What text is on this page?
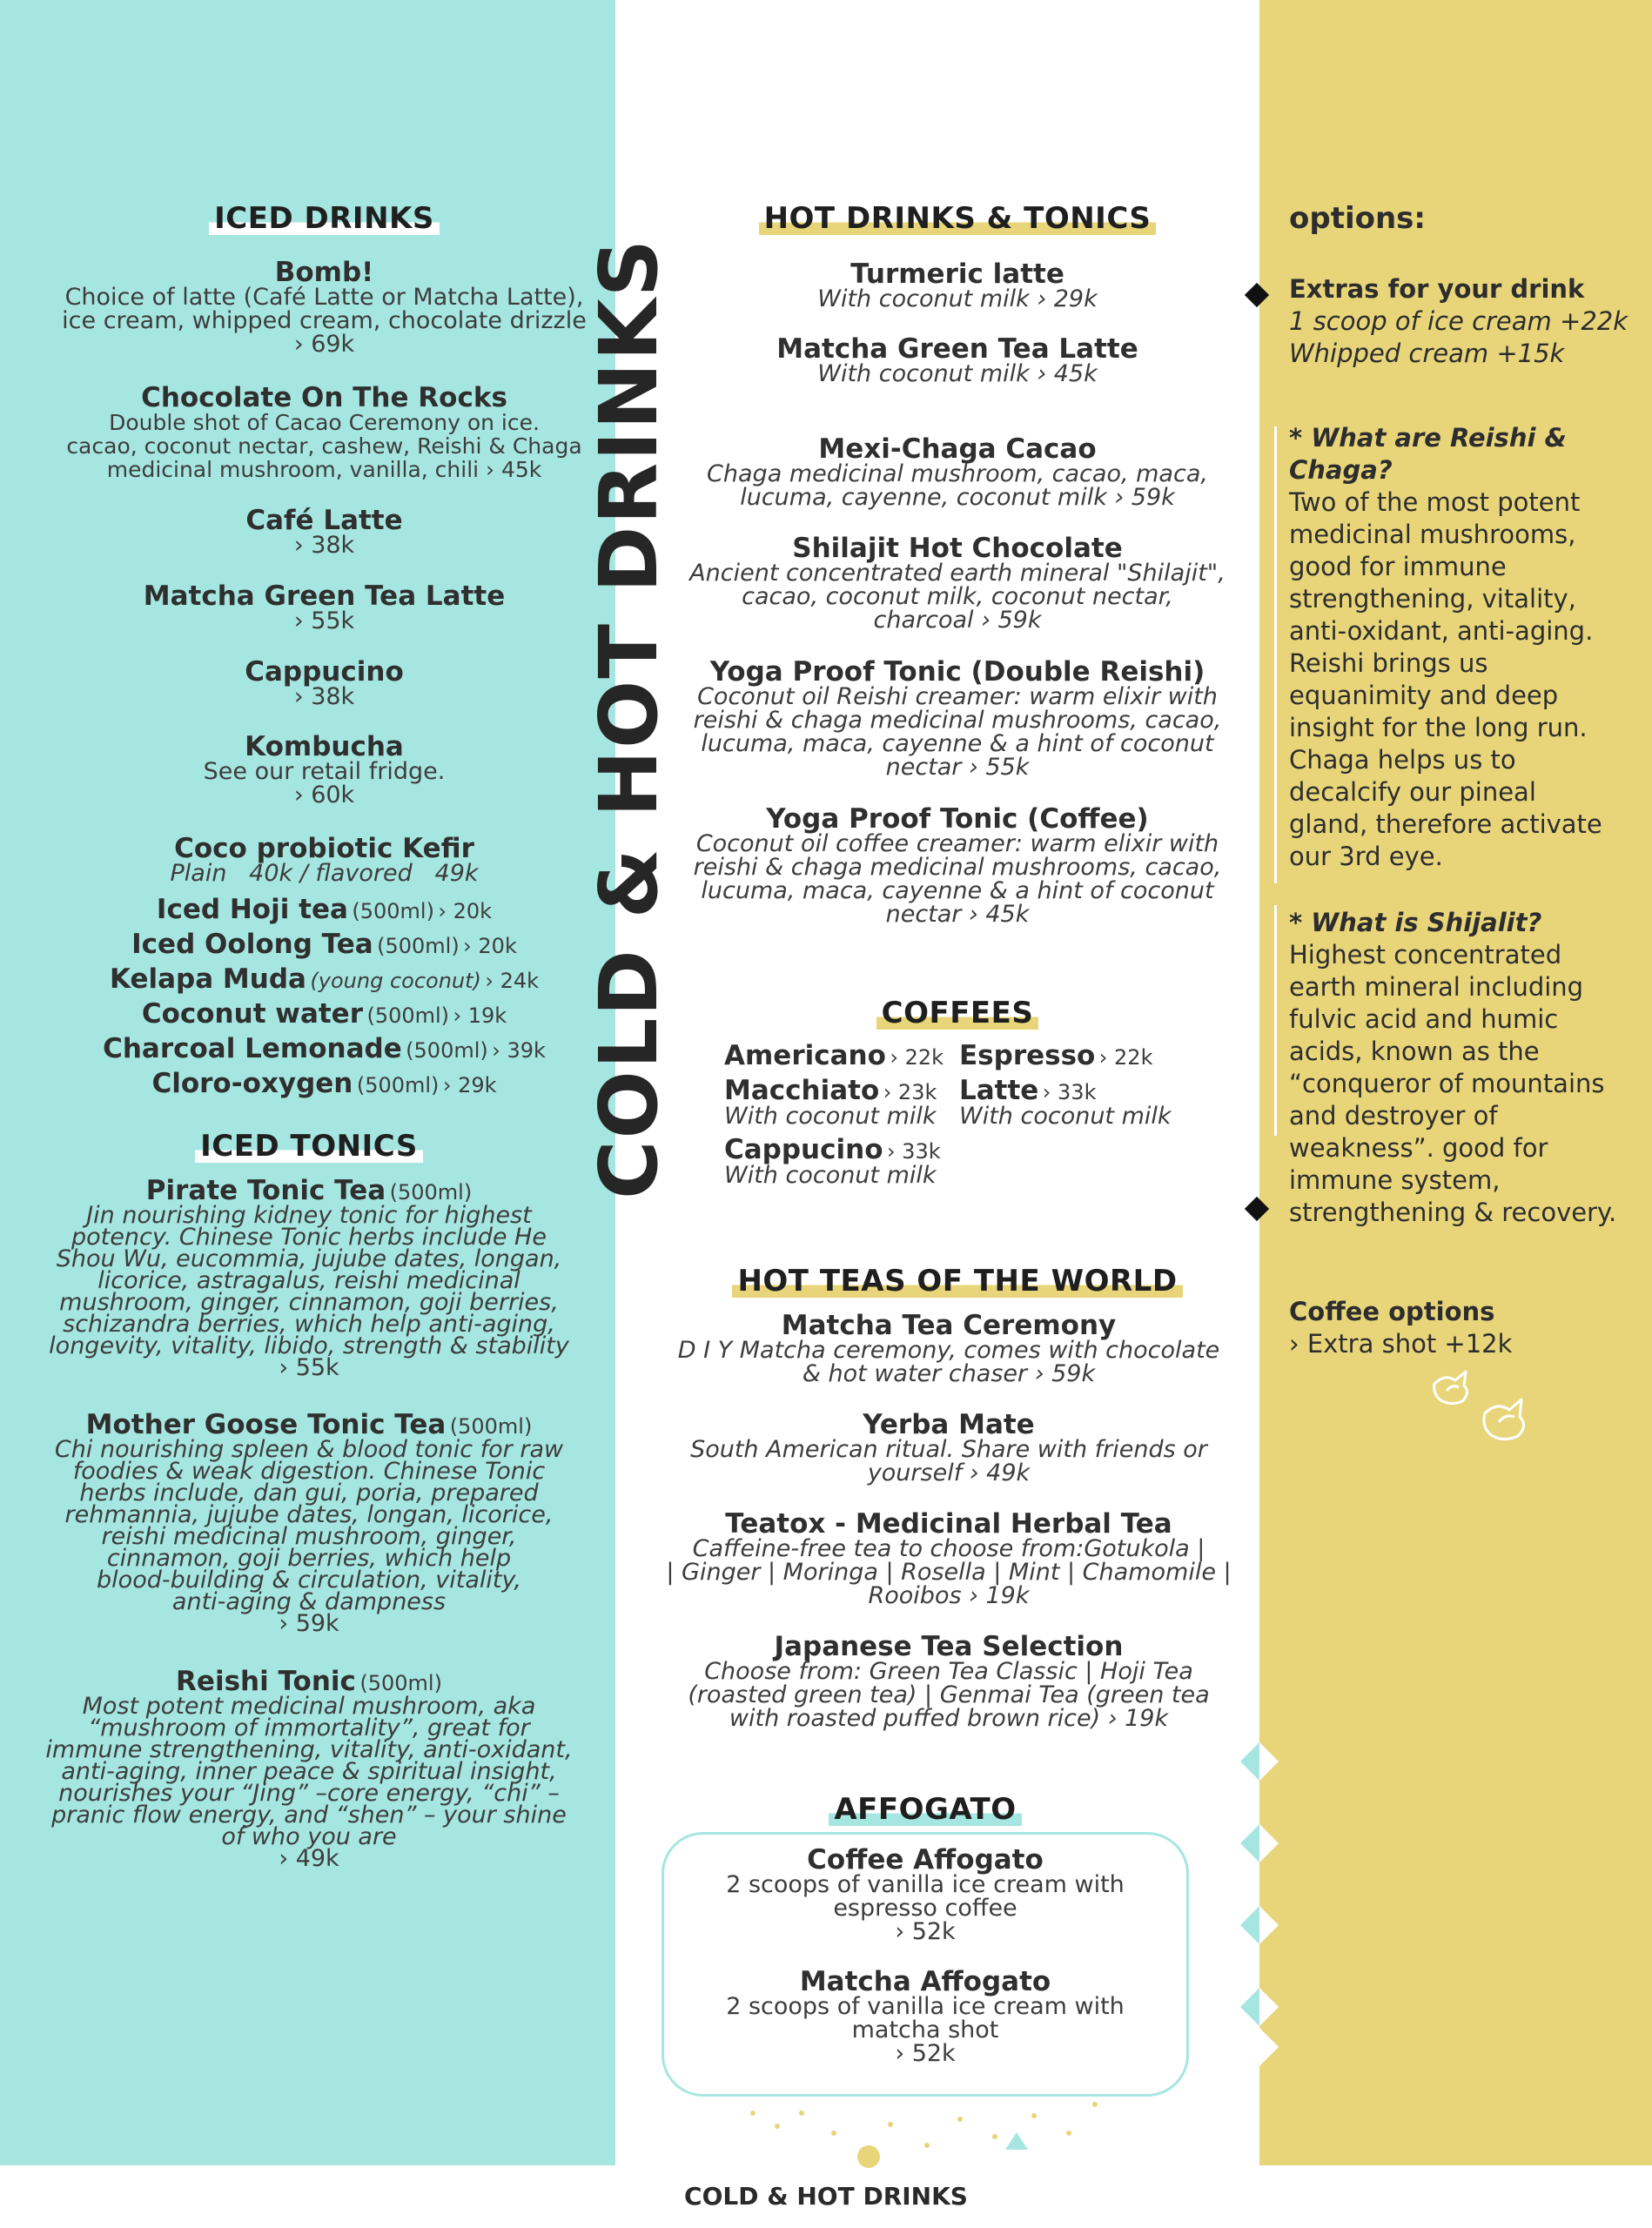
ICED DRINKS
Bomb!
Choice of latte (Café Latte or Matcha Latte),
ice cream, whipped cream, chocolate drizzle
› 69k
Chocolate On The Rocks
Double shot of Cacao Ceremony on ice.
cacao, coconut nectar, cashew, Reishi & Chaga
medicinal mushroom, vanilla, chili › 45k
Café Latte
› 38k
Matcha Green Tea Latte
› 55k
Cappucino
› 38k
Kombucha
See our retail fridge.
› 60k
Coco probiotic Kefir
Plain   40k / flavored   49k
Iced Hoji tea (500ml) › 20k
Iced Oolong Tea (500ml) › 20k
Kelapa Muda (young coconut) › 24k
Coconut water (500ml) › 19k
Charcoal Lemonade (500ml) › 39k
Cloro-oxygen (500ml) › 29k
ICED TONICS
Pirate Tonic Tea (500ml)
Jin nourishing kidney tonic for highest
potency. Chinese Tonic herbs include He
Shou Wu, eucommia, jujube dates, longan,
licorice, astragalus, reishi medicinal
mushroom, ginger, cinnamon, goji berries,
schizandra berries, which help anti-aging,
longevity, vitality, libido, strength & stability
› 55k
Mother Goose Tonic Tea (500ml)
Chi nourishing spleen & blood tonic for raw
foodies & weak digestion. Chinese Tonic
herbs include, dan gui, poria, prepared
rehmannia, jujube dates, longan, licorice,
reishi medicinal mushroom, ginger,
cinnamon, goji berries, which help
blood-building & circulation, vitality,
anti-aging & dampness
› 59k
Reishi Tonic (500ml)
Most potent medicinal mushroom, aka
“mushroom of immortality”, great for
immune strengthening, vitality, anti-oxidant,
anti-aging, inner peace & spiritual insight,
nourishes your “Jing” –core energy, “chi” –
pranic flow energy, and “shen” – your shine
of who you are
› 49k
COLD & HOT DRINKS
HOT DRINKS & TONICS
Turmeric latte
With coconut milk › 29k
Matcha Green Tea Latte
With coconut milk › 45k
Mexi-Chaga Cacao
Chaga medicinal mushroom, cacao, maca,
lucuma, cayenne, coconut milk › 59k
Shilajit Hot Chocolate
Ancient concentrated earth mineral "Shilajit",
cacao, coconut milk, coconut nectar,
charcoal › 59k
Yoga Proof Tonic (Double Reishi)
Coconut oil Reishi creamer: warm elixir with
reishi & chaga medicinal mushrooms, cacao,
lucuma, maca, cayenne & a hint of coconut
nectar › 55k
Yoga Proof Tonic (Coffee)
Coconut oil coffee creamer: warm elixir with
reishi & chaga medicinal mushrooms, cacao,
lucuma, maca, cayenne & a hint of coconut
nectar › 45k
COFFEES
Americano › 22k Espresso › 22k
Macchiato › 23k
With coconut milk
Latte › 33k
With coconut milk
Cappucino › 33k
With coconut milk
HOT TEAS OF THE WORLD
Matcha Tea Ceremony
D I Y Matcha ceremony, comes with chocolate
& hot water chaser › 59k
Yerba Mate
South American ritual. Share with friends or
yourself › 49k
Teatox - Medicinal Herbal Tea
Caffeine-free tea to choose from:Gotukola |
| Ginger | Moringa | Rosella | Mint | Chamomile |
Rooibos › 19k
Japanese Tea Selection
Choose from: Green Tea Classic | Hoji Tea
(roasted green tea) | Genmai Tea (green tea
with roasted puffed brown rice) › 19k
AFFOGATO
Coffee Affogato
2 scoops of vanilla ice cream with
espresso coffee
› 52k
Matcha Affogato
2 scoops of vanilla ice cream with
matcha shot
› 52k
options:
Extras for your drink
1 scoop of ice cream +22k
Whipped cream +15k
* What are Reishi &
Chaga?
Two of the most potent
medicinal mushrooms,
good for immune
strengthening, vitality,
anti-oxidant, anti-aging.
Reishi brings us
equanimity and deep
insight for the long run.
Chaga helps us to
decalcify our pineal
gland, therefore activate
our 3rd eye.
* What is Shijalit?
Highest concentrated
earth mineral including
fulvic acid and humic
acids, known as the
“conqueror of mountains
and destroyer of
weakness”. good for
immune system,
strengthening & recovery.
Coffee options
› Extra shot +12k
COLD & HOT DRINKS
